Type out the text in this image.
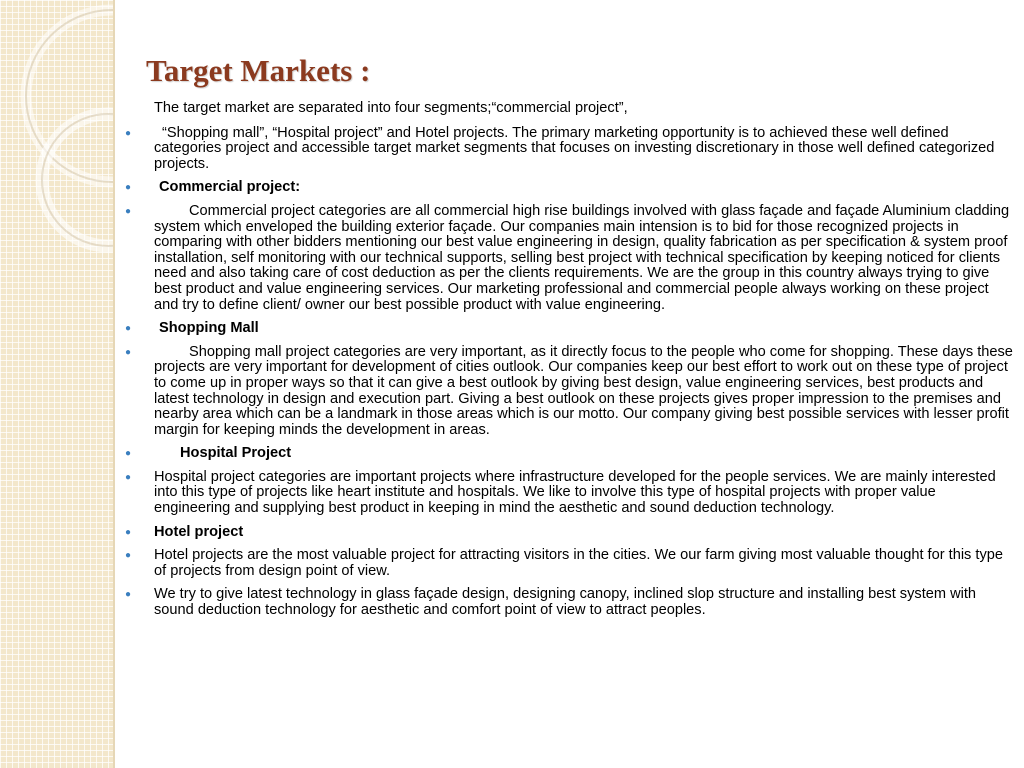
Target Markets :

The target market are separated into four segments;“commercial project”,

● “Shopping mall”, “Hospital project” and Hotel projects. The primary marketing opportunity is to achieved these well defined categories project and accessible target market segments that focuses on investing discretionary in those well defined categorized projects.

● Commercial project:

●	Commercial project categories are all commercial high rise buildings involved with glass façade and façade Aluminium cladding system which enveloped the building exterior façade. Our companies main intension is to bid for those recognized projects in comparing with other bidders mentioning our best value engineering in design, quality fabrication as per specification & system proof installation, self monitoring with our technical supports, selling best project with technical specification by keeping noticed for clients need and also taking care of cost deduction as per the clients requirements. We are the group in this country always trying to give best product and value engineering services. Our marketing professional and commercial people always working on these project and try to define client/ owner our best possible product with value engineering.

● Shopping Mall

●	Shopping mall project categories are very important, as it directly focus to the people who come for shopping. These days these projects are very important for development of cities outlook. Our companies keep our best effort to work out on these type of project to come up in proper ways so that it can give a best outlook by giving best design, value engineering services, best products and latest technology in design and execution part. Giving a best outlook on these projects gives proper impression to the premises and nearby area which can be a landmark in those areas which is our motto. Our company giving best possible services with lesser profit margin for keeping minds the development in areas.

●	Hospital Project

● Hospital project categories are important projects where infrastructure developed for the people services. We are mainly interested into this type of projects like heart institute and hospitals. We like to involve this type of hospital projects with proper value engineering and supplying best product in keeping in mind the aesthetic and sound deduction technology.

● Hotel project

● Hotel projects are the most valuable project for attracting visitors in the cities. We our farm giving most valuable thought for this type of projects from design point of view.

● We try to give latest technology in glass façade design, designing canopy, inclined slop structure and installing best system with sound deduction technology for aesthetic and comfort point of view to attract peoples.
